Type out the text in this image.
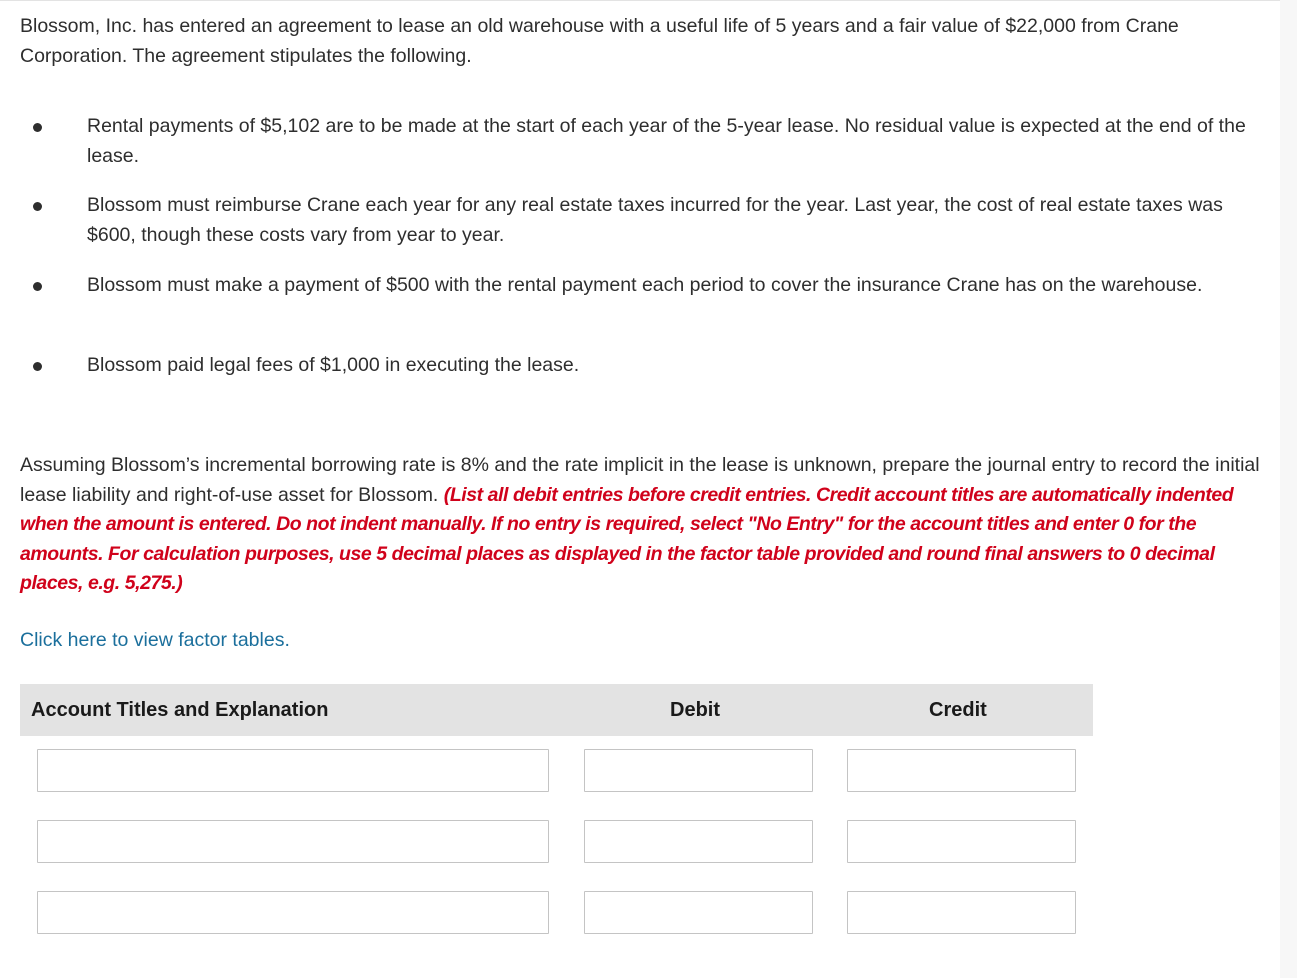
Blossom, Inc. has entered an agreement to lease an old warehouse with a useful life of 5 years and a fair value of $22,000 from Crane Corporation. The agreement stipulates the following.

Rental payments of $5,102 are to be made at the start of each year of the 5-year lease. No residual value is expected at the end of the lease.

Blossom must reimburse Crane each year for any real estate taxes incurred for the year. Last year, the cost of real estate taxes was $600, though these costs vary from year to year.

Blossom must make a payment of $500 with the rental payment each period to cover the insurance Crane has on the warehouse.

Blossom paid legal fees of $1,000 in executing the lease.

Assuming Blossom’s incremental borrowing rate is 8% and the rate implicit in the lease is unknown, prepare the journal entry to record the initial lease liability and right-of-use asset for Blossom. (List all debit entries before credit entries. Credit account titles are automatically indented when the amount is entered. Do not indent manually. If no entry is required, select "No Entry" for the account titles and enter 0 for the amounts. For calculation purposes, use 5 decimal places as displayed in the factor table provided and round final answers to 0 decimal places, e.g. 5,275.)

Click here to view factor tables.
Account Titles and Explanation	Debit	Credit
